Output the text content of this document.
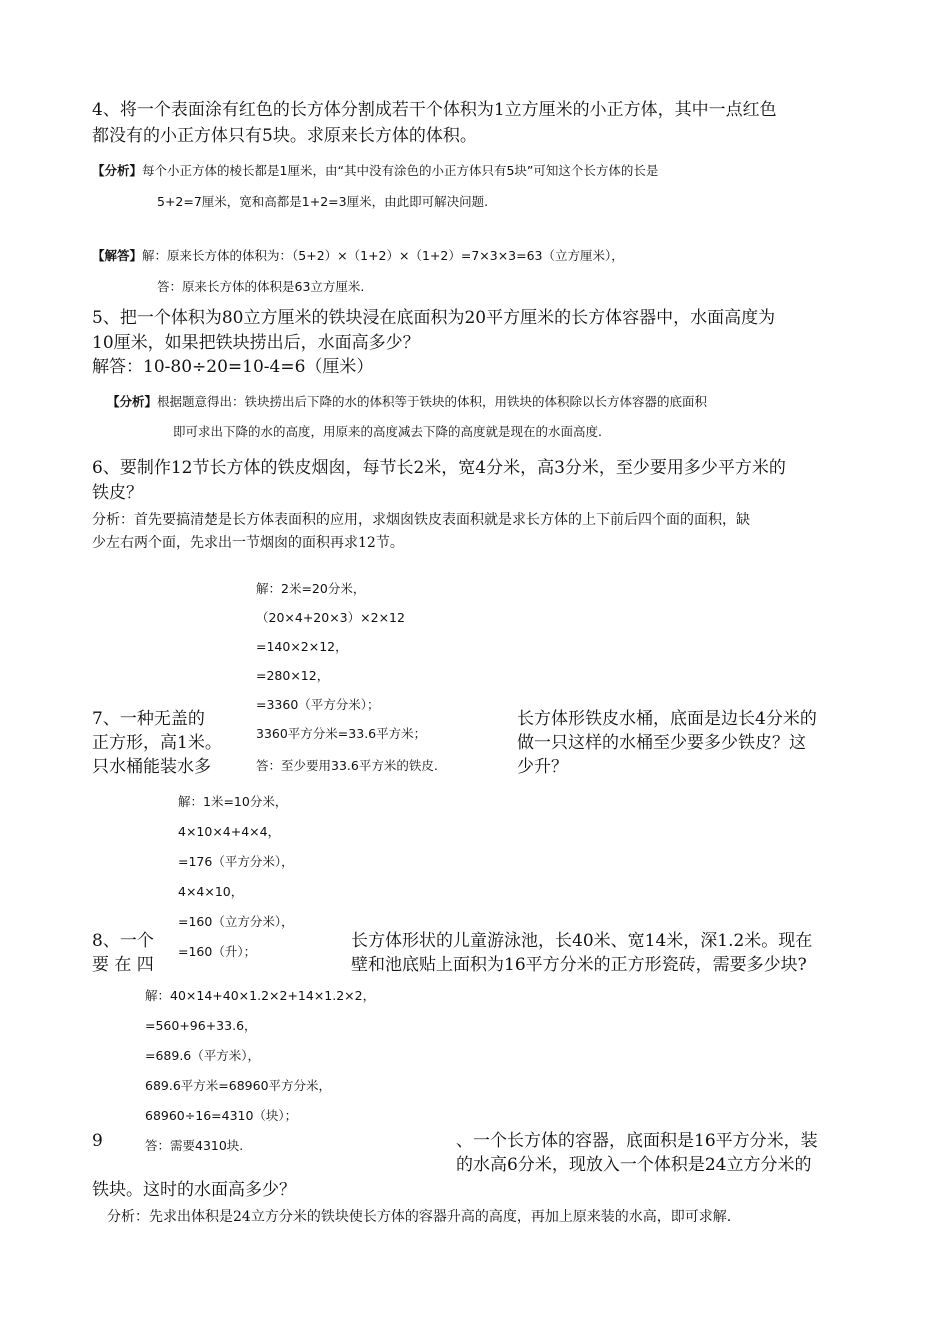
4、将一个表面涂有红色的长方体分割成若干个体积为1立方厘米的小正方体，其中一点红色
都没有的小正方体只有5块。求原来长方体的体积。
【分析】每个小正方体的棱长都是1厘米，由“其中没有涂色的小正方体只有5块”可知这个长方体的长是
5+2=7厘米，宽和高都是1+2=3厘米，由此即可解决问题.
【解答】解：原来长方体的体积为：（5+2）×（1+2）×（1+2）=7×3×3=63（立方厘米），
答：原来长方体的体积是63立方厘米.
5、把一个体积为80立方厘米的铁块浸在底面积为20平方厘米的长方体容器中，水面高度为
10厘米，如果把铁块捞出后，水面高多少？
解答：10-80÷20=10-4=6（厘米）
【分析】根据题意得出：铁块捞出后下降的水的体积等于铁块的体积，用铁块的体积除以长方体容器的底面积
即可求出下降的水的高度，用原来的高度减去下降的高度就是现在的水面高度.
6、要制作12节长方体的铁皮烟囱，每节长2米，宽4分米，高3分米，至少要用多少平方米的
铁皮？
分析：首先要搞清楚是长方体表面积的应用，求烟囱铁皮表面积就是求长方体的上下前后四个面的面积，缺
少左右两个面，先求出一节烟囱的面积再求12节。
解：2米=20分米，
（20×4+20×3）×2×12
=140×2×12，
=280×12，
=3360（平方分米）；
3360平方分米=33.6平方米；
答：至少要用33.6平方米的铁皮.
7、一种无盖的
正方形，高1米。
只水桶能装水多
长方体形铁皮水桶，底面是边长4分米的
做一只这样的水桶至少要多少铁皮？这
少升？
解：1米=10分米，
4×10×4+4×4，
=176（平方分米），
4×4×10，
=160（立方分米），
=160（升）；
8、一个
要 在 四
长方体形状的儿童游泳池，长40米、宽14米，深1.2米。现在
壁和池底贴上面积为16平方分米的正方形瓷砖，需要多少块?
解：40×14+40×1.2×2+14×1.2×2，
=560+96+33.6，
=689.6（平方米），
689.6平方米=68960平方分米，
68960÷16=4310（块）；
答：需要4310块.
9	、一个长方体的容器，底面积是16平方分米，装
的水高6分米，现放入一个体积是24立方分米的
铁块。这时的水面高多少？
分析：先求出体积是24立方分米的铁块使长方体的容器升高的高度，再加上原来装的水高，即可求解.
